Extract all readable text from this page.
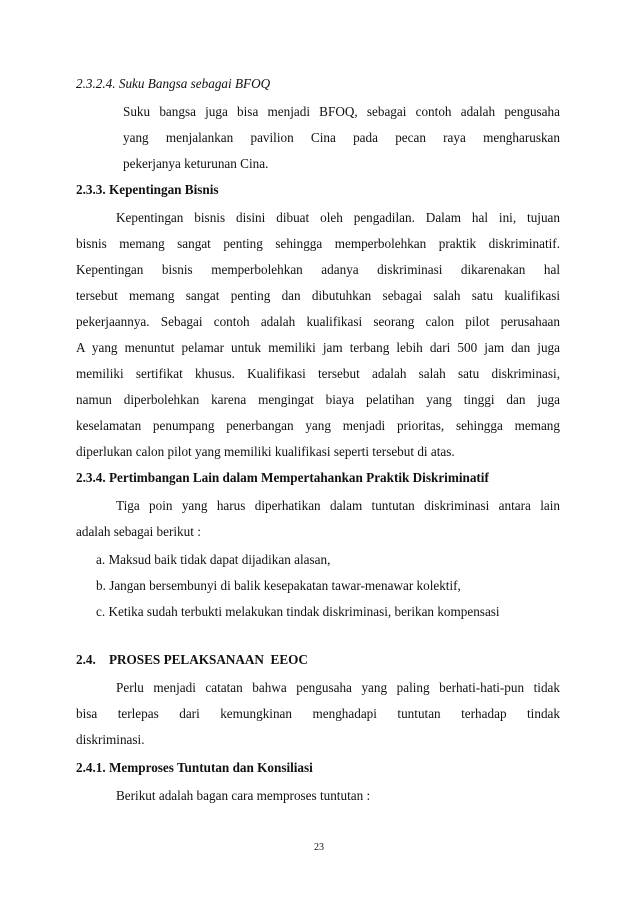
2.3.2.4. Suku Bangsa sebagai BFOQ
Suku bangsa juga bisa menjadi BFOQ, sebagai contoh adalah pengusaha
yang menjalankan pavilion Cina pada pecan raya mengharuskan
pekerjanya keturunan Cina.
2.3.3. Kepentingan Bisnis
Kepentingan bisnis disini dibuat oleh pengadilan. Dalam hal ini, tujuan
bisnis memang sangat penting sehingga memperbolehkan praktik diskriminatif.
Kepentingan bisnis memperbolehkan adanya diskriminasi dikarenakan hal
tersebut memang sangat penting dan dibutuhkan sebagai salah satu kualifikasi
pekerjaannya. Sebagai contoh adalah kualifikasi seorang calon pilot perusahaan
A yang menuntut pelamar untuk memiliki jam terbang lebih dari 500 jam dan juga
memiliki sertifikat khusus. Kualifikasi tersebut adalah salah satu diskriminasi,
namun diperbolehkan karena mengingat biaya pelatihan yang tinggi dan juga
keselamatan penumpang penerbangan yang menjadi prioritas, sehingga memang
diperlukan calon pilot yang memiliki kualifikasi seperti tersebut di atas.
2.3.4. Pertimbangan Lain dalam Mempertahankan Praktik Diskriminatif
Tiga poin yang harus diperhatikan dalam tuntutan diskriminasi antara lain
adalah sebagai berikut :
a. Maksud baik tidak dapat dijadikan alasan,
b. Jangan bersembunyi di balik kesepakatan tawar-menawar kolektif,
c. Ketika sudah terbukti melakukan tindak diskriminasi, berikan kompensasi
2.4.    PROSES PELAKSANAAN  EEOC
Perlu menjadi catatan bahwa pengusaha yang paling berhati-hati-pun tidak
bisa terlepas dari kemungkinan menghadapi tuntutan terhadap tindak
diskriminasi.
2.4.1. Memproses Tuntutan dan Konsiliasi
Berikut adalah bagan cara memproses tuntutan :
23
